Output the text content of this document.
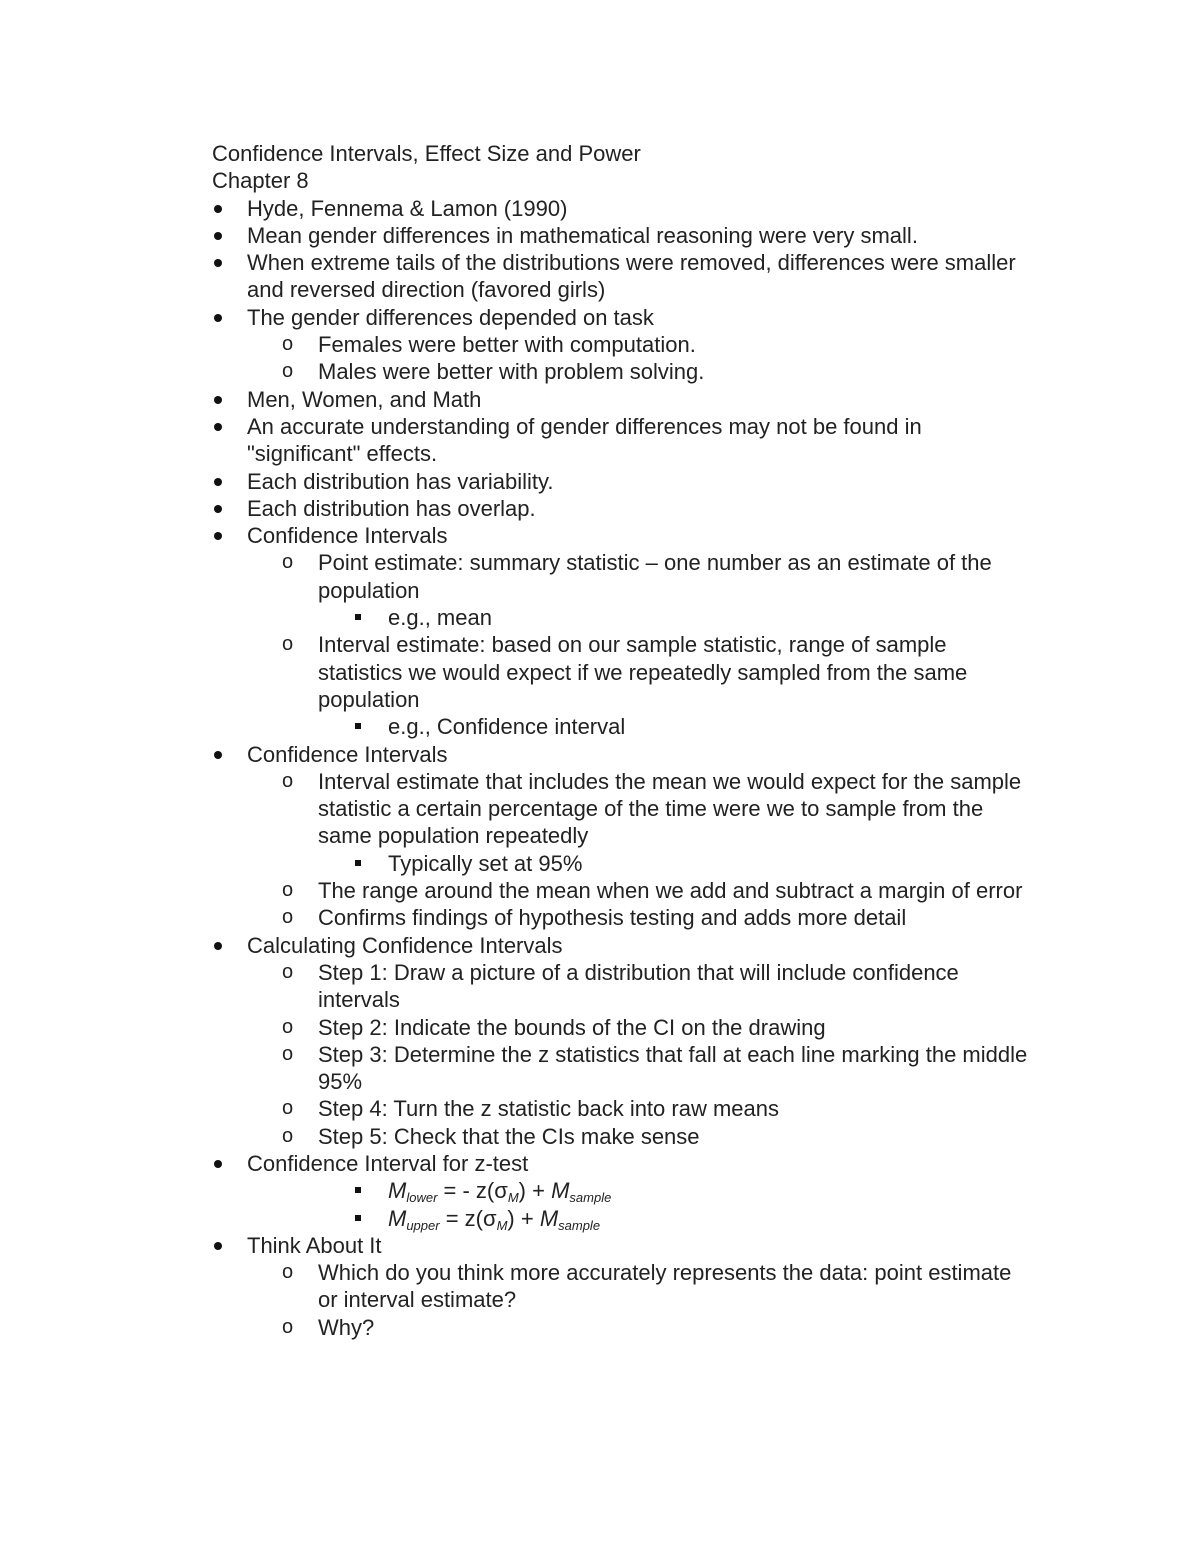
Confidence Intervals, Effect Size and Power

Chapter 8

Hyde, Fennema & Lamon (1990)
Mean gender differences in mathematical reasoning were very small.
When extreme tails of the distributions were removed, differences were smaller and reversed direction (favored girls)
The gender differences depended on task
o Females were better with computation.
o Males were better with problem solving.
Men, Women, and Math
An accurate understanding of gender differences may not be found in "significant" effects.
Each distribution has variability.
Each distribution has overlap.
Confidence Intervals
o Point estimate: summary statistic – one number as an estimate of the population
e.g., mean
o Interval estimate: based on our sample statistic, range of sample statistics we would expect if we repeatedly sampled from the same population
e.g., Confidence interval
Confidence Intervals
o Interval estimate that includes the mean we would expect for the sample statistic a certain percentage of the time were we to sample from the same population repeatedly
Typically set at 95%
o The range around the mean when we add and subtract a margin of error
o Confirms findings of hypothesis testing and adds more detail
Calculating Confidence Intervals
o Step 1: Draw a picture of a distribution that will include confidence intervals
o Step 2: Indicate the bounds of the CI on the drawing
o Step 3: Determine the z statistics that fall at each line marking the middle 95%
o Step 4: Turn the z statistic back into raw means
o Step 5: Check that the CIs make sense
Confidence Interval for z-test
$M_{lower}$ = - $z(\sigma_M) + M_{sample}$
$M_{upper} = z(\sigma_M) + M_{sample}$
Think About It
o Which do you think more accurately represents the data: point estimate or interval estimate?
o Why?
